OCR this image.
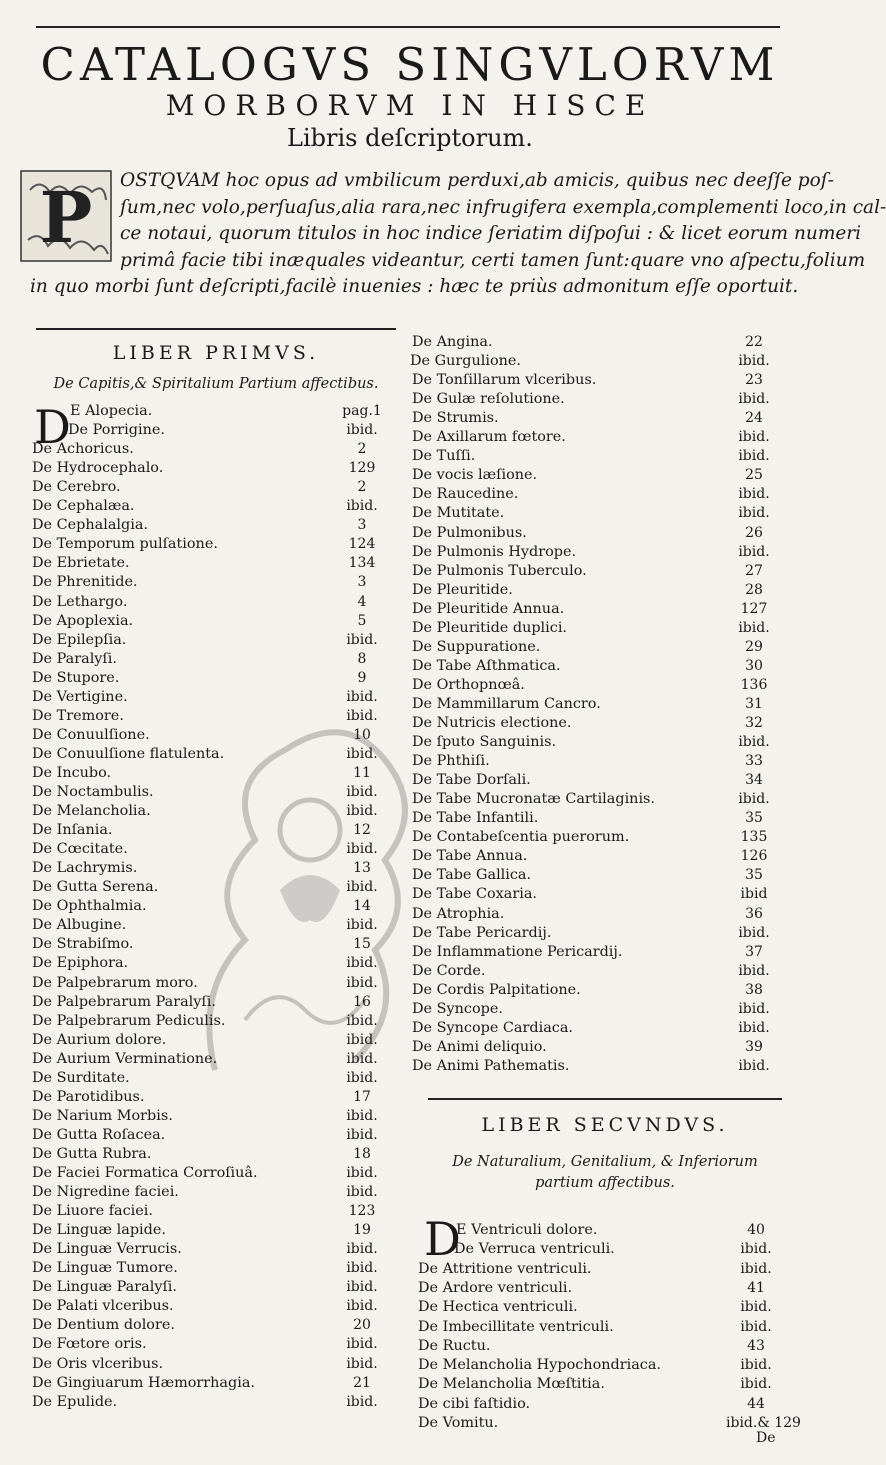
CATALOGVS SINGVLORVM
MORBORVM IN HISCE
Libris deſcriptorum.
P	OSTQVAM hoc opus ad vmbilicum perduxi,ab amicis, quibus nec deeſſe poſ-
ſum,nec volo,perſuaſus,alia rara,nec infrugifera exempla,complementi loco,in cal-
ce notaui, quorum titulos in hoc indice ſeriatim diſpoſui : & licet eorum numeri
primâ facie tibi inæquales videantur, certi tamen ſunt:quare vno aſpectu,folium
in quo morbi ſunt deſcripti,facilè inuenies : hæc te priùs admonitum eſſe oportuit.
LIBER PRIMVS.
De Capitis,& Spiritalium Partium affectibus.
D E Alopecia.	pag.1
De Porrigine.	ibid.
De Achoricus.	2
De Hydrocephalo.	129
De Cerebro.	2
De Cephalæa.	ibid.
De Cephalalgia.	3
De Temporum pulſatione.	124
De Ebrietate.	134
De Phrenitide.	3
De Lethargo.	4
De Apoplexia.	5
De Epilepſia.	ibid.
De Paralyſi.	8
De Stupore.	9
De Vertigine.	ibid.
De Tremore.	ibid.
De Conuulſione.	10
De Conuulſione flatulenta.	ibid.
De Incubo.	11
De Noctambulis.	ibid.
De Melancholia.	ibid.
De Inſania.	12
De Cœcitate.	ibid.
De Lachrymis.	13
De Gutta Serena.	ibid.
De Ophthalmia.	14
De Albugine.	ibid.
De Strabiſmo.	15
De Epiphora.	ibid.
De Palpebrarum moro.	ibid.
De Palpebrarum Paralyſi.	16
De Palpebrarum Pediculis.	ibid.
De Aurium dolore.	ibid.
De Aurium Verminatione.	ibid.
De Surditate.	ibid.
De Parotidibus.	17
De Narium Morbis.	ibid.
De Gutta Roſacea.	ibid.
De Gutta Rubra.	18
De Faciei Formatica Corroſiuâ.	ibid.
De Nigredine faciei.	ibid.
De Liuore faciei.	123
De Linguæ lapide.	19
De Linguæ Verrucis.	ibid.
De Linguæ Tumore.	ibid.
De Linguæ Paralyſi.	ibid.
De Palati vlceribus.	ibid.
De Dentium dolore.	20
De Fœtore oris.	ibid.
De Oris vlceribus.	ibid.
De Gingiuarum Hæmorrhagia.	21
De Epulide.	ibid.
De Angina.	22
De Gurgulione.	ibid.
De Tonſillarum vlceribus.	23
De Gulæ reſolutione.	ibid.
De Strumis.	24
De Axillarum fœtore.	ibid.
De Tuſſi.	ibid.
De vocis læſione.	25
De Raucedine.	ibid.
De Mutitate.	ibid.
De Pulmonibus.	26
De Pulmonis Hydrope.	ibid.
De Pulmonis Tuberculo.	27
De Pleuritide.	28
De Pleuritide Annua.	127
De Pleuritide duplici.	ibid.
De Suppuratione.	29
De Tabe Aſthmatica.	30
De Orthopnœâ.	136
De Mammillarum Cancro.	31
De Nutricis electione.	32
De ſputo Sanguinis.	ibid.
De Phthiſi.	33
De Tabe Dorſali.	34
De Tabe Mucronatæ Cartilaginis.	ibid.
De Tabe Infantili.	35
De Contabeſcentia puerorum.	135
De Tabe Annua.	126
De Tabe Gallica.	35
De Tabe Coxaria.	ibid
De Atrophia.	36
De Tabe Pericardij.	ibid.
De Inflammatione Pericardij.	37
De Corde.	ibid.
De Cordis Palpitatione.	38
De Syncope.	ibid.
De Syncope Cardiaca.	ibid.
De Animi deliquio.	39
De Animi Pathematis.	ibid.
LIBER SECVNDVS.
De Naturalium, Genitalium, & Inferiorum
partium affectibus.
D
E Ventriculi dolore.	40
De Verruca ventriculi.	ibid.
De Attritione ventriculi.	ibid.
De Ardore ventriculi.	41
De Hectica ventriculi.	ibid.
De Imbecillitate ventriculi.	ibid.
De Ructu.	43
De Melancholia Hypochondriaca.	ibid.
De Melancholia Mœſtitia.	ibid.
De cibi faſtidio.	44
De Vomitu.	ibid.& 129
De
